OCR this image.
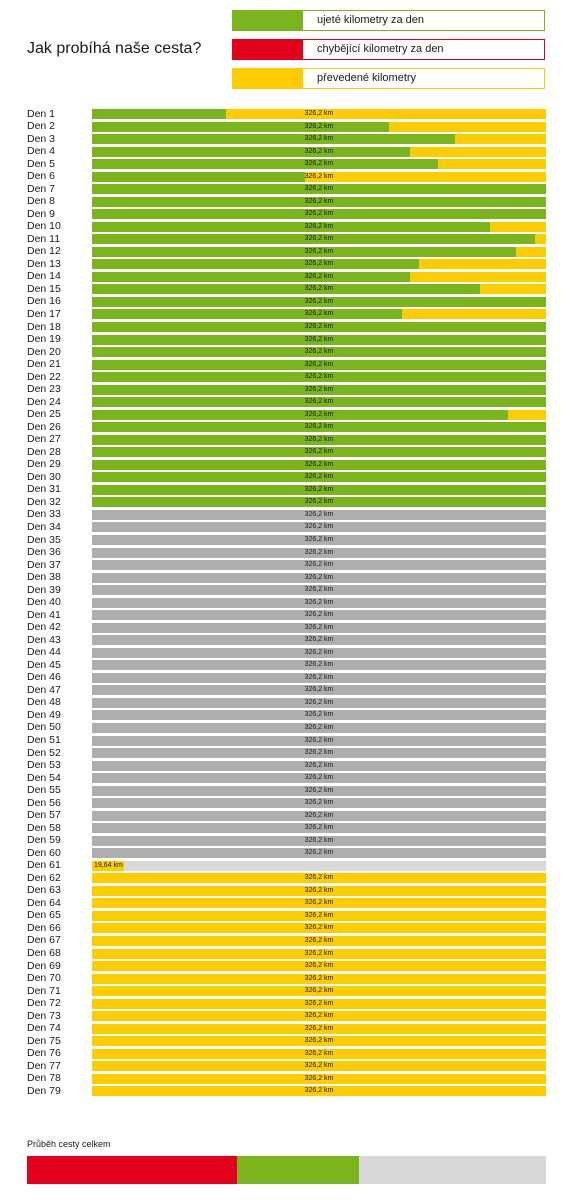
Jak probíhá naše cesta?
ujeté kilometry za den
chybějící kilometry za den
převedené kilometry
Den 1	326,2 km
Den 2	326,2 km
Den 3	326,2 km
Den 4	326,2 km
Den 5	326,2 km
Den 6	326,2 km
Den 7	326,2 km
Den 8	326,2 km
Den 9	326,2 km
Den 10	326,2 km
Den 11	326,2 km
Den 12	326,2 km
Den 13	326,2 km
Den 14	326,2 km
Den 15	326,2 km
Den 16	326,2 km
Den 17	326,2 km
Den 18	326,2 km
Den 19	326,2 km
Den 20	326,2 km
Den 21	326,2 km
Den 22	326,2 km
Den 23	326,2 km
Den 24	326,2 km
Den 25	326,2 km
Den 26	326,2 km
Den 27	326,2 km
Den 28	326,2 km
Den 29	326,2 km
Den 30	326,2 km
Den 31	326,2 km
Den 32	326,2 km
Den 33	326,2 km
Den 34	326,2 km
Den 35	326,2 km
Den 36	326,2 km
Den 37	326,2 km
Den 38	326,2 km
Den 39	326,2 km
Den 40	326,2 km
Den 41	326,2 km
Den 42	326,2 km
Den 43	326,2 km
Den 44	326,2 km
Den 45	326,2 km
Den 46	326,2 km
Den 47	326,2 km
Den 48	326,2 km
Den 49	326,2 km
Den 50	326,2 km
Den 51	326,2 km
Den 52	326,2 km
Den 53	326,2 km
Den 54	326,2 km
Den 55	326,2 km
Den 56	326,2 km
Den 57	326,2 km
Den 58	326,2 km
Den 59	326,2 km
Den 60	326,2 km
Den 61	19,64 km
Den 62	326,2 km
Den 63	326,2 km
Den 64	326,2 km
Den 65	326,2 km
Den 66	326,2 km
Den 67	326,2 km
Den 68	326,2 km
Den 69	326,2 km
Den 70	326,2 km
Den 71	326,2 km
Den 72	326,2 km
Den 73	326,2 km
Den 74	326,2 km
Den 75	326,2 km
Den 76	326,2 km
Den 77	326,2 km
Den 78	326,2 km
Den 79	326,2 km
Průběh cesty celkem
